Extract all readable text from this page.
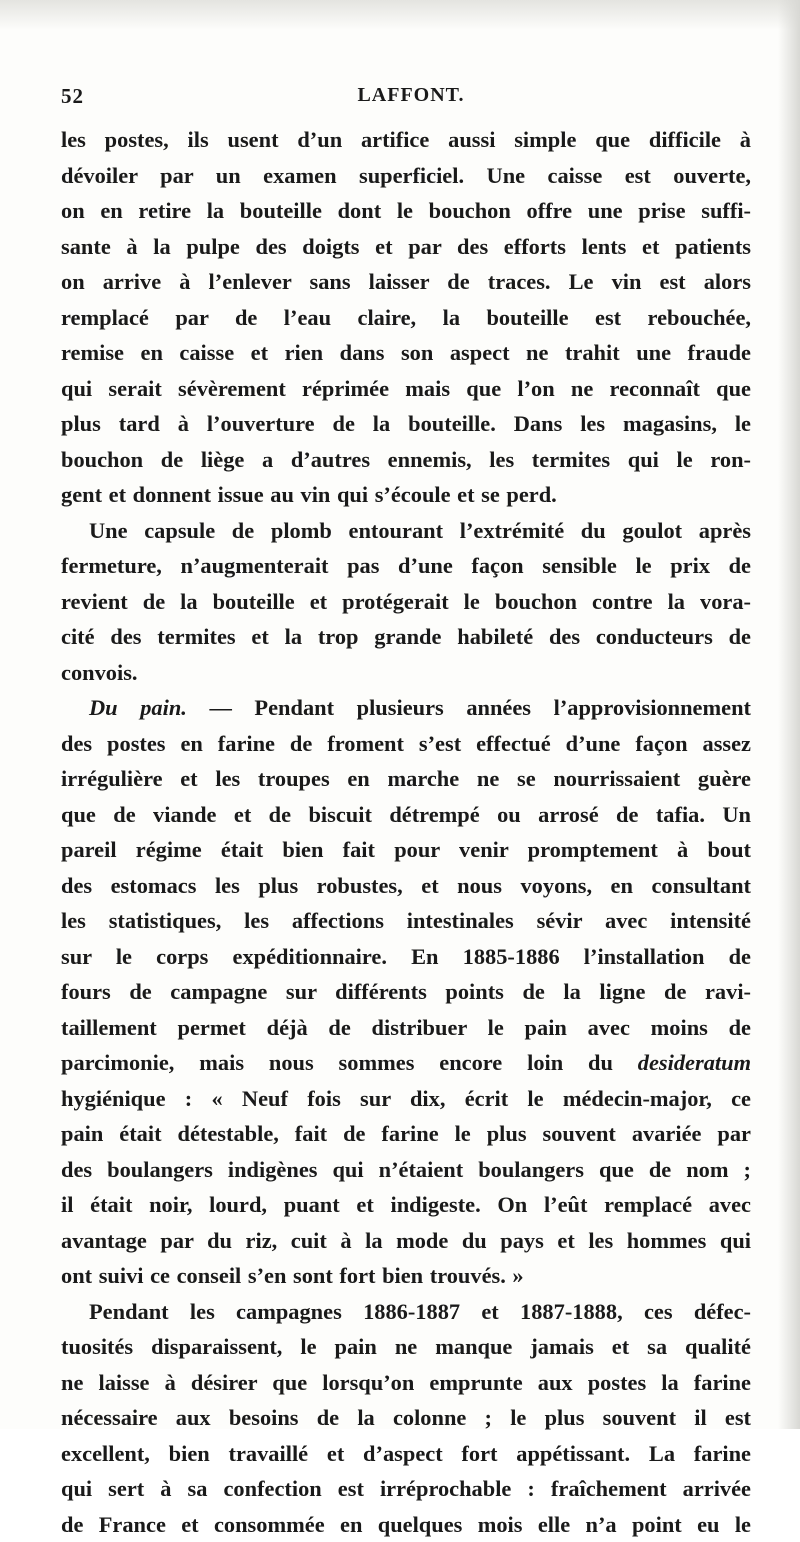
52	LAFFONT.
les postes, ils usent d’un artifice aussi simple que difficile à
dévoiler par un examen superficiel. Une caisse est ouverte,
on en retire la bouteille dont le bouchon offre une prise suffi-
sante à la pulpe des doigts et par des efforts lents et patients
on arrive à l’enlever sans laisser de traces. Le vin est alors
remplacé par de l’eau claire, la bouteille est rebouchée,
remise en caisse et rien dans son aspect ne trahit une fraude
qui serait sévèrement réprimée mais que l’on ne reconnaît que
plus tard à l’ouverture de la bouteille. Dans les magasins, le
bouchon de liège a d’autres ennemis, les termites qui le ron-
gent et donnent issue au vin qui s’écoule et se perd.
Une capsule de plomb entourant l’extrémité du goulot après
fermeture, n’augmenterait pas d’une façon sensible le prix de
revient de la bouteille et protégerait le bouchon contre la vora-
cité des termites et la trop grande habileté des conducteurs de
convois.
Du pain. — Pendant plusieurs années l’approvisionnement
des postes en farine de froment s’est effectué d’une façon assez
irrégulière et les troupes en marche ne se nourrissaient guère
que de viande et de biscuit détrempé ou arrosé de tafia. Un
pareil régime était bien fait pour venir promptement à bout
des estomacs les plus robustes, et nous voyons, en consultant
les statistiques, les affections intestinales sévir avec intensité
sur le corps expéditionnaire. En 1885-1886 l’installation de
fours de campagne sur différents points de la ligne de ravi-
taillement permet déjà de distribuer le pain avec moins de
parcimonie, mais nous sommes encore loin du desideratum
hygiénique : « Neuf fois sur dix, écrit le médecin-major, ce
pain était détestable, fait de farine le plus souvent avariée par
des boulangers indigènes qui n’étaient boulangers que de nom ;
il était noir, lourd, puant et indigeste. On l’eût remplacé avec
avantage par du riz, cuit à la mode du pays et les hommes qui
ont suivi ce conseil s’en sont fort bien trouvés. »
Pendant les campagnes 1886-1887 et 1887-1888, ces défec-
tuosités disparaissent, le pain ne manque jamais et sa qualité
ne laisse à désirer que lorsqu’on emprunte aux postes la farine
nécessaire aux besoins de la colonne ; le plus souvent il est
excellent, bien travaillé et d’aspect fort appétissant. La farine
qui sert à sa confection est irréprochable : fraîchement arrivée
de France et consommée en quelques mois elle n’a point eu le
